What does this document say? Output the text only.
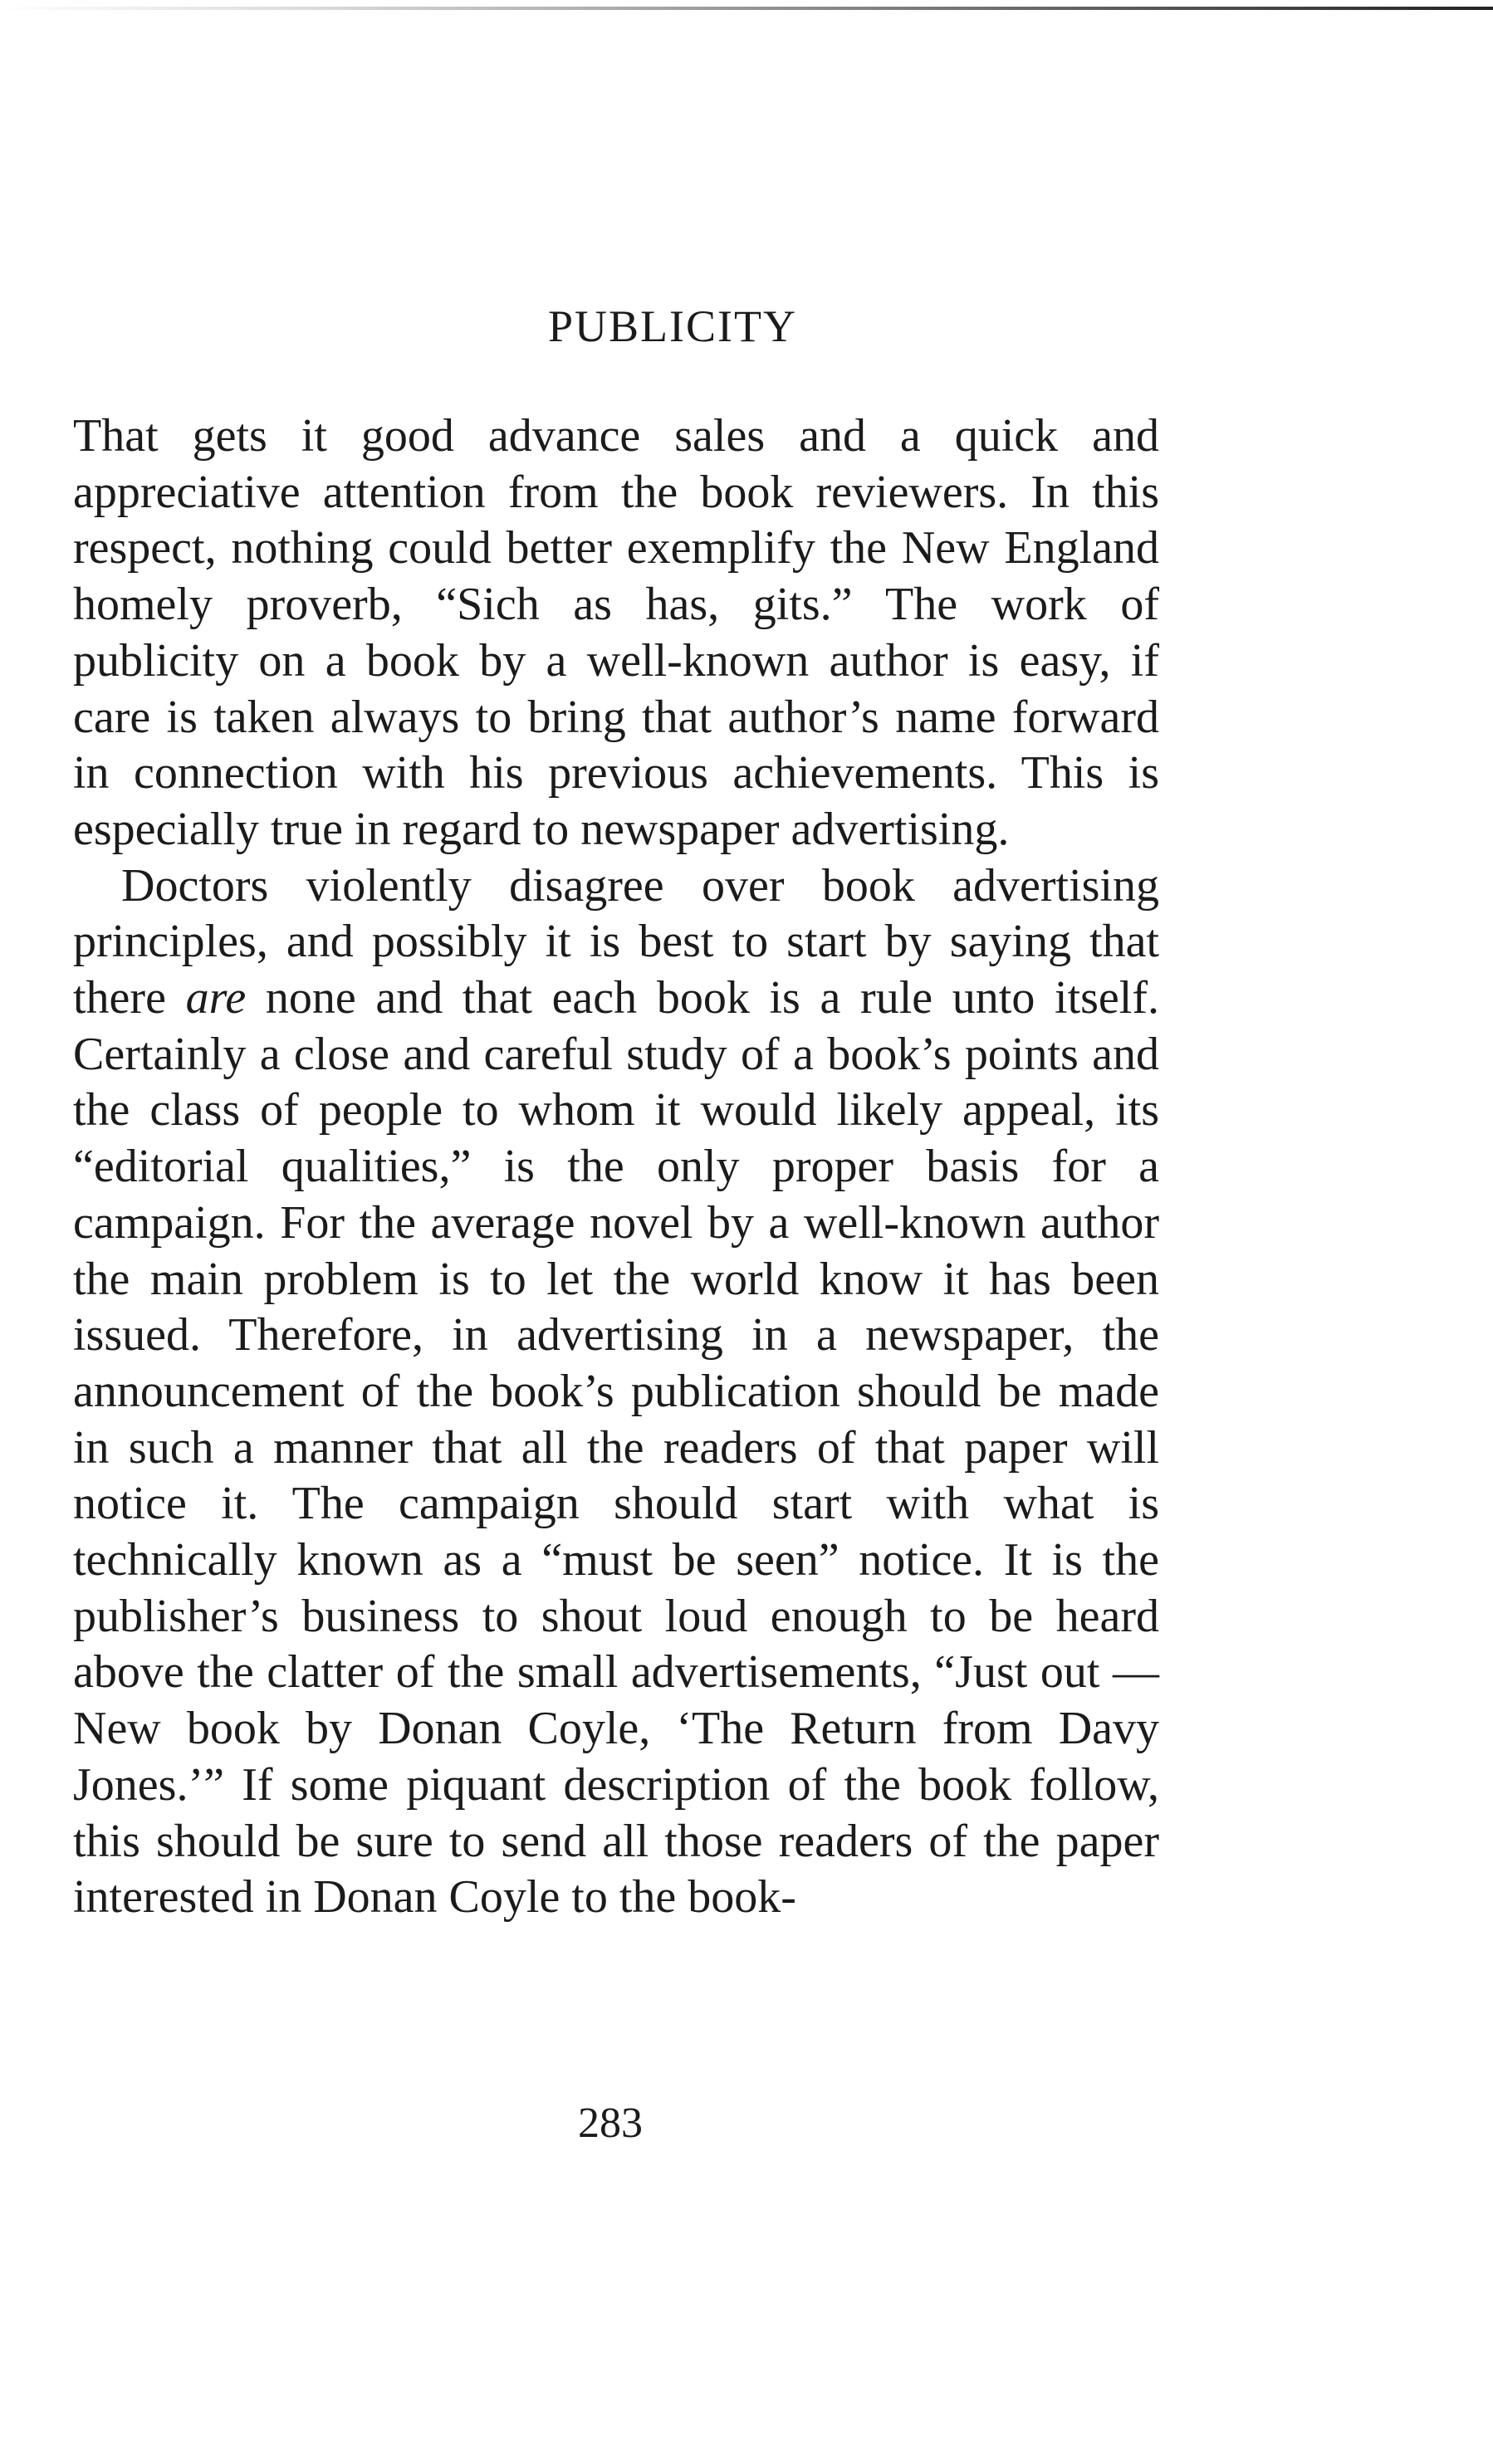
PUBLICITY

That gets it good advance sales and a quick and appreciative attention from the book reviewers. In this respect, nothing could better exemplify the New England homely proverb, “Sich as has, gits.” The work of publicity on a book by a well-known author is easy, if care is taken always to bring that author’s name forward in connection with his previous achievements. This is especially true in regard to newspaper advertising.

Doctors violently disagree over book advertising principles, and possibly it is best to start by saying that there are none and that each book is a rule unto itself. Certainly a close and careful study of a book’s points and the class of people to whom it would likely appeal, its “editorial qualities,” is the only proper basis for a campaign. For the average novel by a well-known author the main problem is to let the world know it has been issued. Therefore, in advertising in a newspaper, the announcement of the book’s publication should be made in such a manner that all the readers of that paper will notice it. The campaign should start with what is technically known as a “must be seen” notice. It is the publisher’s business to shout loud enough to be heard above the clatter of the small advertisements, “Just out — New book by Donan Coyle, ‘The Return from Davy Jones.’” If some piquant description of the book follow, this should be sure to send all those readers of the paper interested in Donan Coyle to the book-

283
